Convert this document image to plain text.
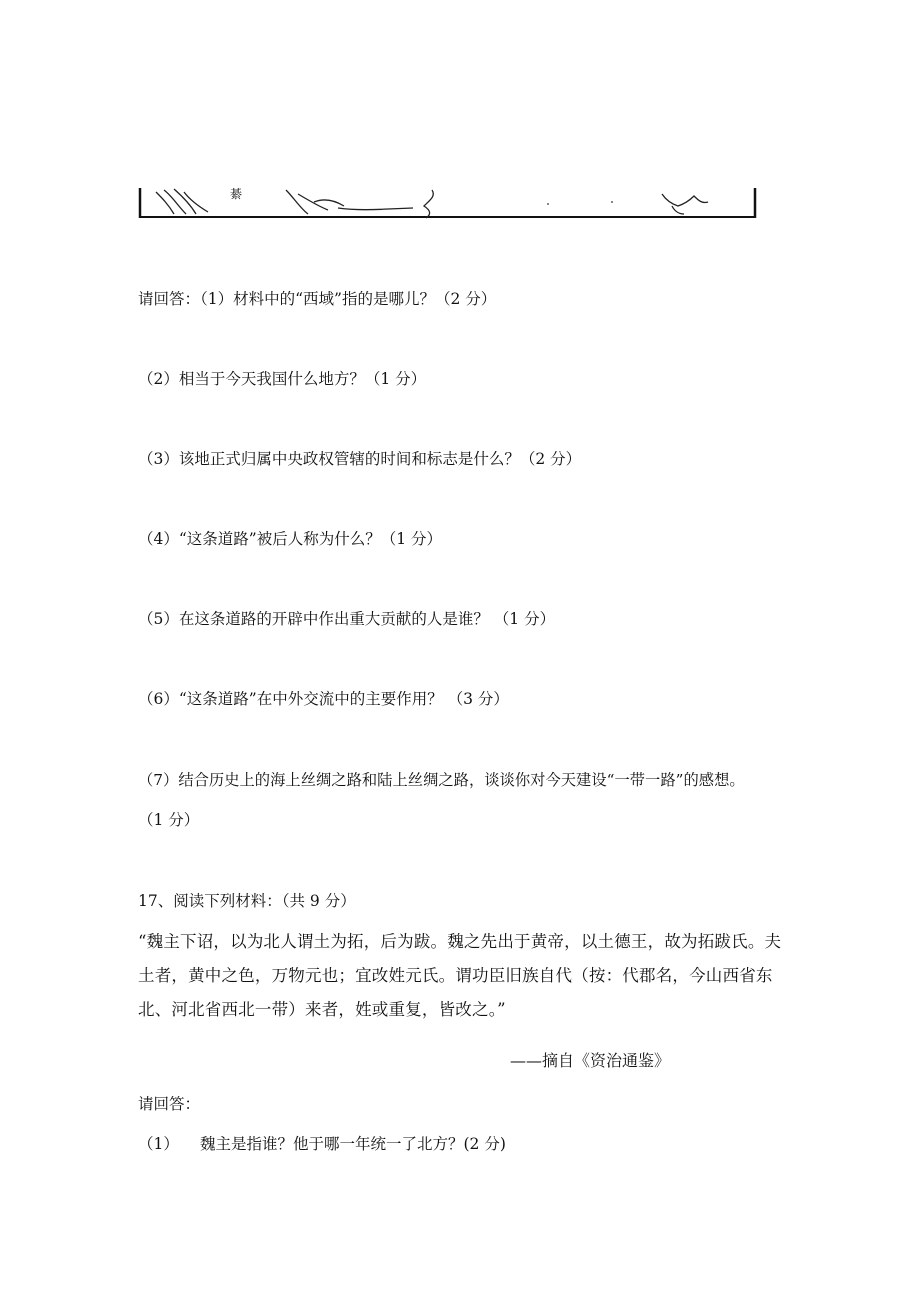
綦
请回答：（1）材料中的“西域”指的是哪儿？（2 分）
（2）相当于今天我国什么地方？（1 分）
（3）该地正式归属中央政权管辖的时间和标志是什么？（2 分）
（4）“这条道路”被后人称为什么？（1 分）
（5）在这条道路的开辟中作出重大贡献的人是谁？ （1 分）
（6）“这条道路”在中外交流中的主要作用？ （3 分）
（7）结合历史上的海上丝绸之路和陆上丝绸之路，谈谈你对今天建设“一带一路”的感想。
（1 分）
17、阅读下列材料：（共 9 分）
“魏主下诏，以为北人谓土为拓，后为跋。魏之先出于黄帝，以土德王，故为拓跋氏。夫土者，黄中之色，万物元也；宜改姓元氏。谓功臣旧族自代（按：代郡名，今山西省东北、河北省西北一带）来者，姓或重复，皆改之。”
——摘自《资治通鉴》
请回答：
（1） 魏主是指谁？他于哪一年统一了北方？(2 分)
